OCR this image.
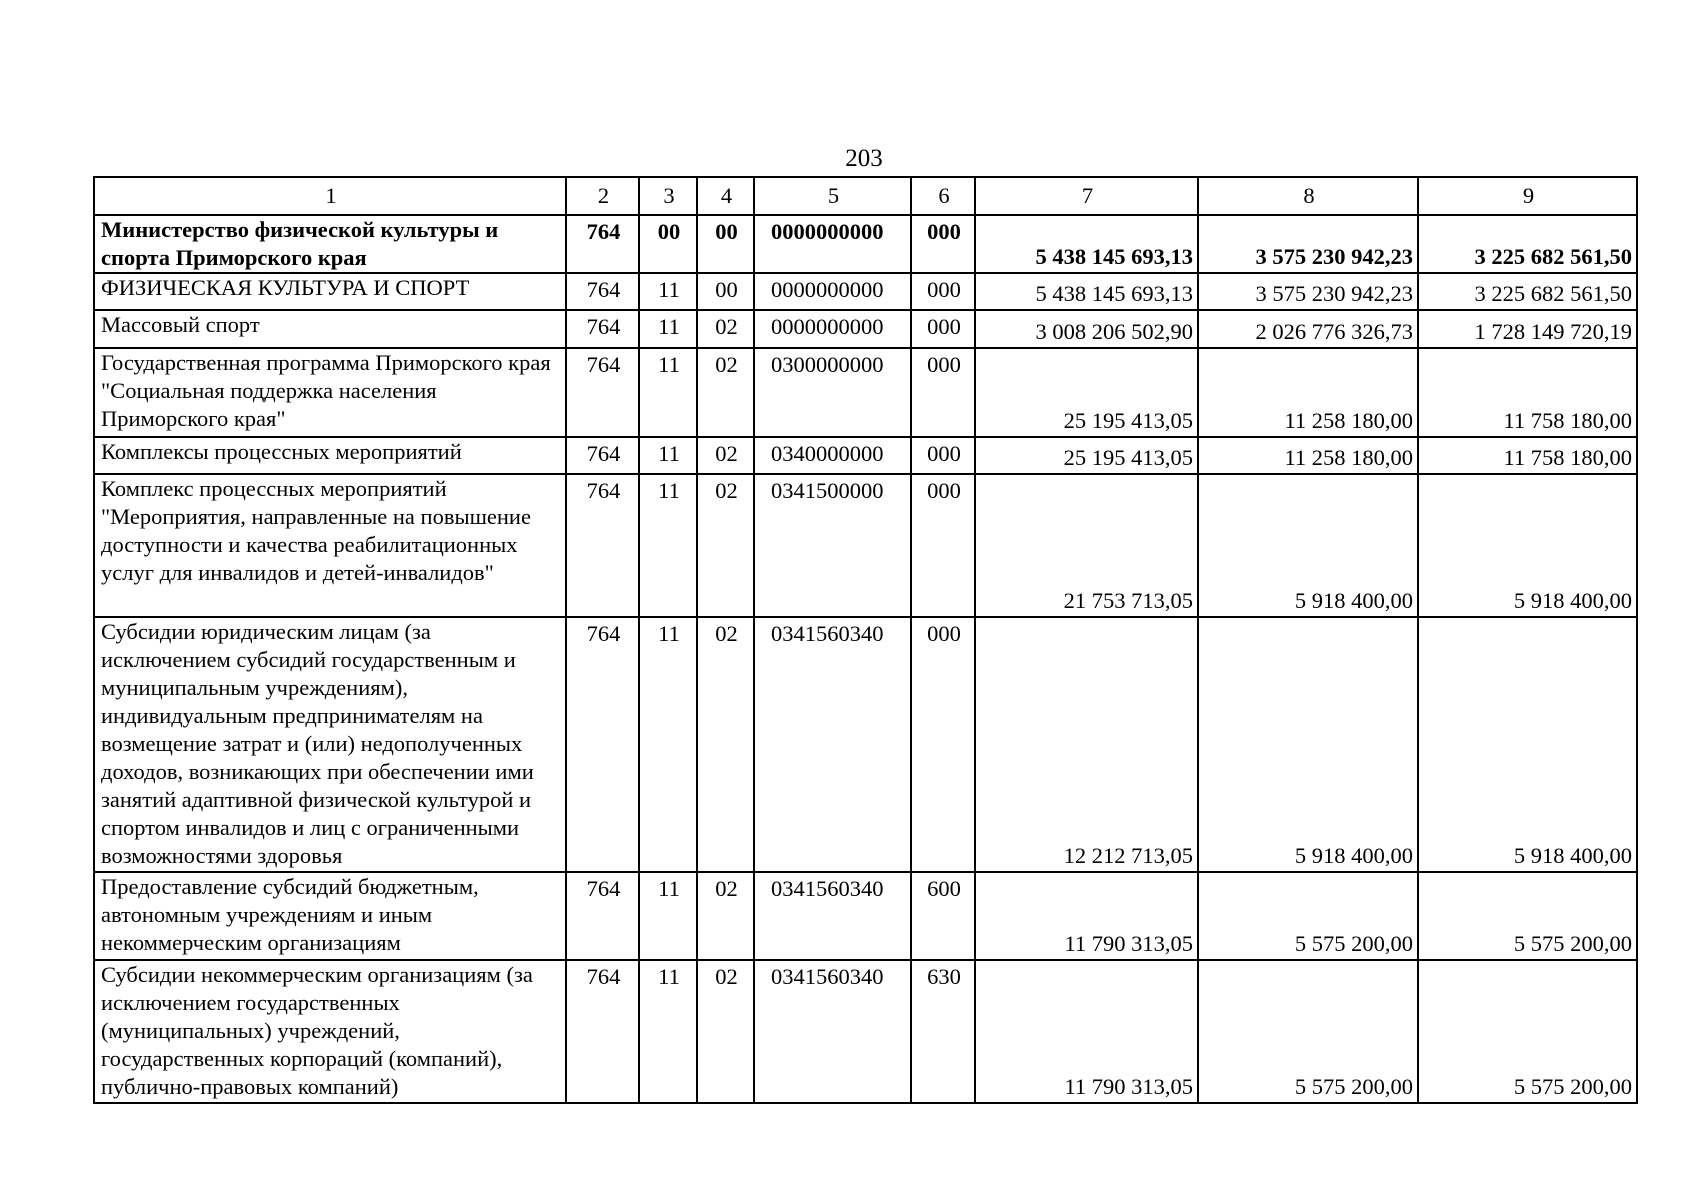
203
1	2	3	4	5	6	7	8	9
Министерство физической культуры и спорта Приморского края	764	00	00	0000000000	000	5 438 145 693,13	3 575 230 942,23	3 225 682 561,50
ФИЗИЧЕСКАЯ КУЛЬТУРА И СПОРТ	764	11	00	0000000000	000	5 438 145 693,13	3 575 230 942,23	3 225 682 561,50
Массовый спорт	764	11	02	0000000000	000	3 008 206 502,90	2 026 776 326,73	1 728 149 720,19
Государственная программа Приморского края "Социальная поддержка населения Приморского края"	764	11	02	0300000000	000	25 195 413,05	11 258 180,00	11 758 180,00
Комплексы процессных мероприятий	764	11	02	0340000000	000	25 195 413,05	11 258 180,00	11 758 180,00
Комплекс процессных мероприятий "Мероприятия, направленные на повышение доступности и качества реабилитационных услуг для инвалидов и детей-инвалидов"	764	11	02	0341500000	000	21 753 713,05	5 918 400,00	5 918 400,00
Субсидии юридическим лицам (за исключением субсидий государственным и муниципальным учреждениям), индивидуальным предпринимателям на возмещение затрат и (или) недополученных доходов, возникающих при обеспечении ими занятий адаптивной физической культурой и спортом инвалидов и лиц с ограниченными возможностями здоровья	764	11	02	0341560340	000	12 212 713,05	5 918 400,00	5 918 400,00
Предоставление субсидий бюджетным, автономным учреждениям и иным некоммерческим организациям	764	11	02	0341560340	600	11 790 313,05	5 575 200,00	5 575 200,00
Субсидии некоммерческим организациям (за исключением государственных (муниципальных) учреждений, государственных корпораций (компаний), публично-правовых компаний)	764	11	02	0341560340	630	11 790 313,05	5 575 200,00	5 575 200,00
